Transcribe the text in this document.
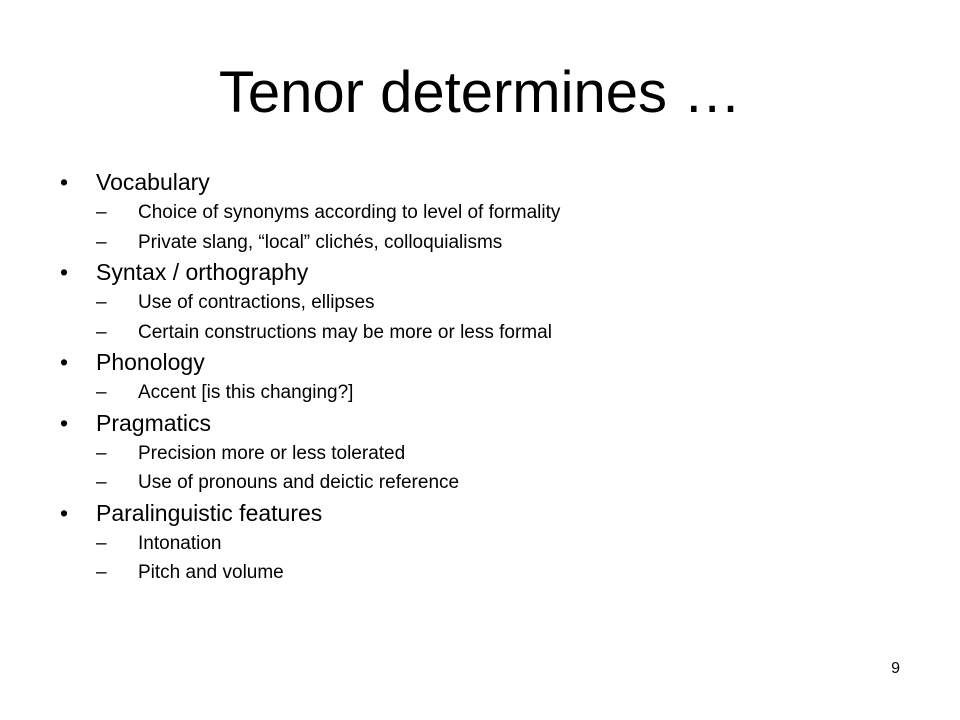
Tenor determines …
•	Vocabulary
–	Choice of synonyms according to level of formality
–	Private slang, “local” clichés, colloquialisms
•	Syntax / orthography
–	Use of contractions, ellipses
–	Certain constructions may be more or less formal
•	Phonology
–	Accent [is this changing?]
•	Pragmatics
–	Precision more or less tolerated
–	Use of pronouns and deictic reference
•	Paralinguistic features
–	Intonation
–	Pitch and volume
9
